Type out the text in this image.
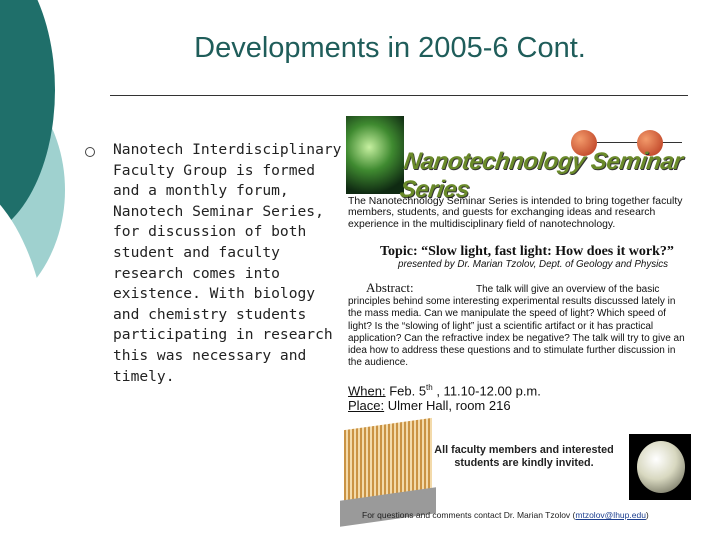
Developments in 2005-6 Cont.
Nanotech Interdisciplinary Faculty Group is formed and a monthly forum, Nanotech Seminar Series, for discussion of both student and faculty research comes into existence. With biology and chemistry students participating in research this was necessary and timely.
Nanotechnology Seminar Series
The Nanotechnology Seminar Series is intended to bring together faculty members, students, and guests for exchanging ideas and research experience in the multidisciplinary field of nanotechnology.
Topic: “Slow light, fast light: How does it work?”
presented by Dr. Marian Tzolov, Dept. of Geology and Physics
The talk will give an overview of the basic principles behind some interesting experimental results discussed lately in the mass media. Can we manipulate the speed of light? Which speed of light? Is the “slowing of light” just a scientific artifact or it has practical application? Can the refractive index be negative? The talk will try to give an idea how to address these questions and to stimulate further discussion in the audience.
Abstract:
When: Feb. 5th , 11.10-12.00 p.m.
Place: Ulmer Hall, room 216
All faculty members and interested students are kindly invited.
For questions and comments contact Dr. Marian Tzolov (mtzolov@lhup.edu)
